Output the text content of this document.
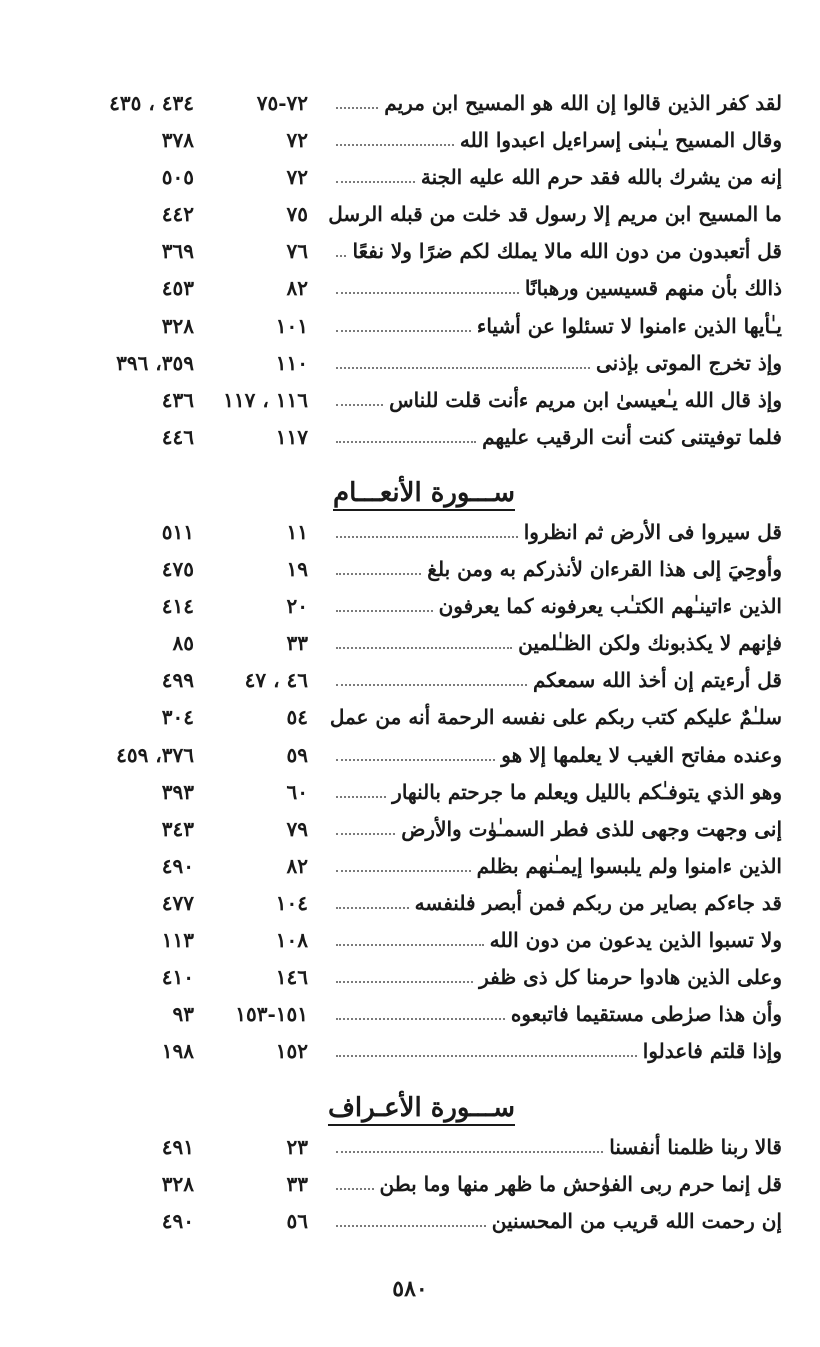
لقد كفر الذين قالوا إن الله هو المسيح ابن مريم
٧٢-٧٥
٤٣٤ ، ٤٣٥
وقال المسيح يـٰبنى إسراءيل اعبدوا الله
٧٢
٣٧٨
إنه من يشرك بالله فقد حرم الله عليه الجنة
٧٢
٥٠٥
ما المسيح ابن مريم إلا رسول قد خلت من قبله الرسل
٧٥
٤٤٢
قل أتعبدون من دون الله مالا يملك لكم ضرًا ولا نفعًا
٧٦
٣٦٩
ذالك بأن منهم قسيسين ورهبانًا
٨٢
٤٥٣
يـٰأيها الذين ءامنوا لا تسئلوا عن أشياء
١٠١
٣٢٨
وإذ تخرج الموتى بإذنى
١١٠
٣٥٩، ٣٩٦
وإذ قال الله يـٰعيسىٰ ابن مريم ءأنت قلت للناس
١١٦ ، ١١٧
٤٣٦
فلما توفيتنى كنت أنت الرقيب عليهم
١١٧
٤٤٦
ســـورة الأنعـــام
قل سيروا فى الأرض ثم انظروا
١١
٥١١
وأوحِيَ إلى هذا القرءان لأنذركم به ومن بلغ
١٩
٤٧٥
الذين ءاتينـٰهم الكتـٰب يعرفونه كما يعرفون
٢٠
٤١٤
فإنهم لا يكذبونك ولكن الظـٰلمين
٣٣
٨٥
قل أرءيتم إن أخذ الله سمعكم
٤٦ ، ٤٧
٤٩٩
سلـٰمٌ عليكم كتب ربكم على نفسه الرحمة أنه من عمل
٥٤
٣٠٤
وعنده مفاتح الغيب لا يعلمها إلا هو
٥٩
٣٧٦، ٤٥٩
وهو الذي يتوفـٰكم بالليل ويعلم ما جرحتم بالنهار
٦٠
٣٩٣
إنى وجهت وجهى للذى فطر السمـٰوٰت والأرض
٧٩
٣٤٣
الذين ءامنوا ولم يلبسوا إيمـٰنهم بظلم
٨٢
٤٩٠
قد جاءكم بصاير من ربكم فمن أبصر فلنفسه
١٠٤
٤٧٧
ولا تسبوا الذين يدعون من دون الله
١٠٨
١١٣
وعلى الذين هادوا حرمنا كل ذى ظفر
١٤٦
٤١٠
وأن هذا صرٰطى مستقيما فاتبعوه
١٥١-١٥٣
٩٣
وإذا قلتم فاعدلوا
١٥٢
١٩٨
ســـورة الأعـراف
قالا ربنا ظلمنا أنفسنا
٢٣
٤٩١
قل إنما حرم ربى الفوٰحش ما ظهر منها وما بطن
٣٣
٣٢٨
إن رحمت الله قريب من المحسنين
٥٦
٤٩٠
٥٨٠
